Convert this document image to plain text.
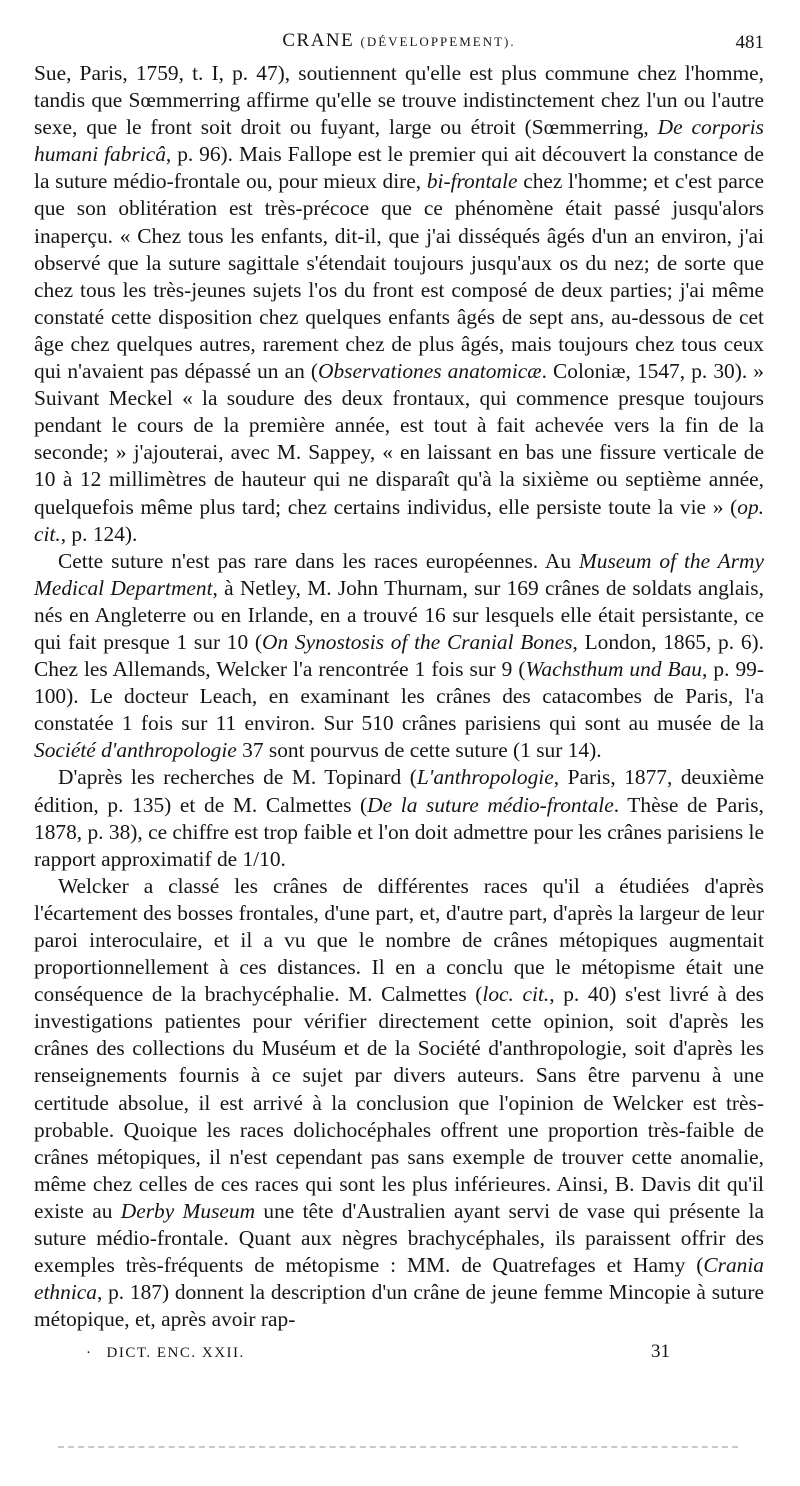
CRANE (DÉVELOPPEMENT).	481

Sue, Paris, 1759, t. I, p. 47), soutiennent qu'elle est plus commune chez l'homme, tandis que Sœmmerring affirme qu'elle se trouve indistinctement chez l'un ou l'autre sexe, que le front soit droit ou fuyant, large ou étroit (Sœmmerring, De corporis humani fabricâ, p. 96). Mais Fallope est le premier qui ait découvert la constance de la suture médio-frontale ou, pour mieux dire, bi-frontale chez l'homme; et c'est parce que son oblitération est très-précoce que ce phénomène était passé jusqu'alors inaperçu. « Chez tous les enfants, dit-il, que j'ai disséqués âgés d'un an environ, j'ai observé que la suture sagittale s'étendait toujours jusqu'aux os du nez; de sorte que chez tous les très-jeunes sujets l'os du front est composé de deux parties; j'ai même constaté cette disposition chez quelques enfants âgés de sept ans, au-dessous de cet âge chez quelques autres, rarement chez de plus âgés, mais toujours chez tous ceux qui n'avaient pas dépassé un an (Observationes anatomicæ. Coloniæ, 1547, p. 30). » Suivant Meckel « la soudure des deux frontaux, qui commence presque toujours pendant le cours de la première année, est tout à fait achevée vers la fin de la seconde; » j'ajouterai, avec M. Sappey, « en laissant en bas une fissure verticale de 10 à 12 millimètres de hauteur qui ne disparaît qu'à la sixième ou septième année, quelquefois même plus tard; chez certains individus, elle persiste toute la vie » (op. cit., p. 124).

Cette suture n'est pas rare dans les races européennes. Au Museum of the Army Medical Department, à Netley, M. John Thurnam, sur 169 crânes de soldats anglais, nés en Angleterre ou en Irlande, en a trouvé 16 sur lesquels elle était persistante, ce qui fait presque 1 sur 10 (On Synostosis of the Cranial Bones, London, 1865, p. 6). Chez les Allemands, Welcker l'a rencontrée 1 fois sur 9 (Wachsthum und Bau, p. 99-100). Le docteur Leach, en examinant les crânes des catacombes de Paris, l'a constatée 1 fois sur 11 environ. Sur 510 crânes parisiens qui sont au musée de la Société d'anthropologie 37 sont pourvus de cette suture (1 sur 14).

D'après les recherches de M. Topinard (L'anthropologie, Paris, 1877, deuxième édition, p. 135) et de M. Calmettes (De la suture médio-frontale. Thèse de Paris, 1878, p. 38), ce chiffre est trop faible et l'on doit admettre pour les crânes parisiens le rapport approximatif de 1/10.

Welcker a classé les crânes de différentes races qu'il a étudiées d'après l'écartement des bosses frontales, d'une part, et, d'autre part, d'après la largeur de leur paroi interoculaire, et il a vu que le nombre de crânes métopiques augmentait proportionnellement à ces distances. Il en a conclu que le métopisme était une conséquence de la brachycéphalie. M. Calmettes (loc. cit., p. 40) s'est livré à des investigations patientes pour vérifier directement cette opinion, soit d'après les crânes des collections du Muséum et de la Société d'anthropologie, soit d'après les renseignements fournis à ce sujet par divers auteurs. Sans être parvenu à une certitude absolue, il est arrivé à la conclusion que l'opinion de Welcker est très-probable. Quoique les races dolichocéphales offrent une proportion très-faible de crânes métopiques, il n'est cependant pas sans exemple de trouver cette anomalie, même chez celles de ces races qui sont les plus inférieures. Ainsi, B. Davis dit qu'il existe au Derby Museum une tête d'Australien ayant servi de vase qui présente la suture médio-frontale. Quant aux nègres brachycéphales, ils paraissent offrir des exemples très-fréquents de métopisme : MM. de Quatrefages et Hamy (Crania ethnica, p. 187) donnent la description d'un crâne de jeune femme Mincopie à suture métopique, et, après avoir rap-

· DICT. ENC. XXII.	31
